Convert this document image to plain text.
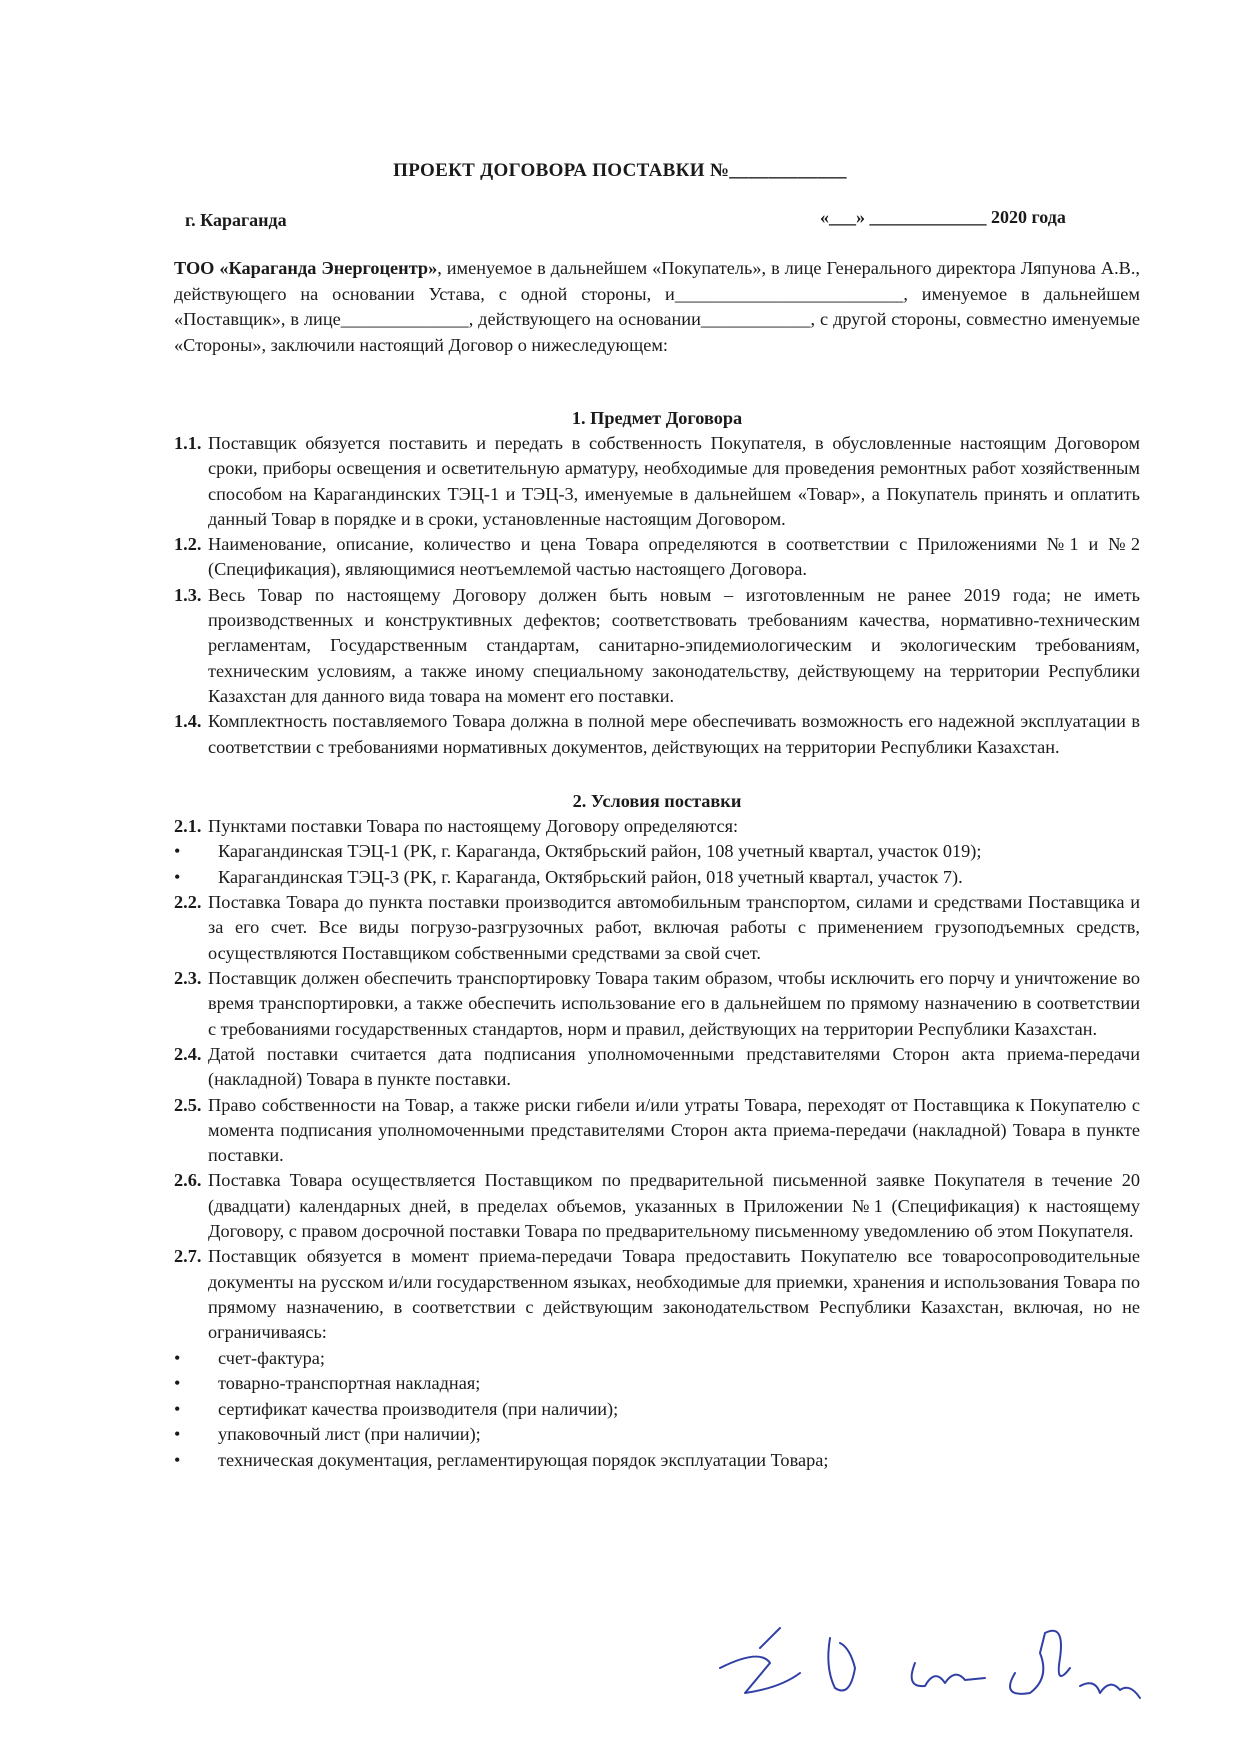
ПРОЕКТ ДОГОВОРА ПОСТАВКИ №____________
г. Караганда	«___» _____________ 2020 года
ТОО «Караганда Энергоцентр», именуемое в дальнейшем «Покупатель», в лице Генерального директора Ляпунова А.В., действующего на основании Устава, с одной стороны, и_________________________, именуемое в дальнейшем «Поставщик», в лице______________, действующего на основании____________, с другой стороны, совместно именуемые «Стороны», заключили настоящий Договор о нижеследующем:
1. Предмет Договора
1.1. Поставщик обязуется поставить и передать в собственность Покупателя, в обусловленные настоящим Договором сроки, приборы освещения и осветительную арматуру, необходимые для проведения ремонтных работ хозяйственным способом на Карагандинских ТЭЦ-1 и ТЭЦ-3, именуемые в дальнейшем «Товар», а Покупатель принять и оплатить данный Товар в порядке и в сроки, установленные настоящим Договором.
1.2. Наименование, описание, количество и цена Товара определяются в соответствии с Приложениями №1 и №2 (Спецификация), являющимися неотъемлемой частью настоящего Договора.
1.3. Весь Товар по настоящему Договору должен быть новым – изготовленным не ранее 2019 года; не иметь производственных и конструктивных дефектов; соответствовать требованиям качества, нормативно-техническим регламентам, Государственным стандартам, санитарно-эпидемиологическим и экологическим требованиям, техническим условиям, а также иному специальному законодательству, действующему на территории Республики Казахстан для данного вида товара на момент его поставки.
1.4. Комплектность поставляемого Товара должна в полной мере обеспечивать возможность его надежной эксплуатации в соответствии с требованиями нормативных документов, действующих на территории Республики Казахстан.
2. Условия поставки
2.1. Пунктами поставки Товара по настоящему Договору определяются:
•	Карагандинская ТЭЦ-1 (РК, г. Караганда, Октябрьский район, 108 учетный квартал, участок 019);
•	Карагандинская ТЭЦ-3 (РК, г. Караганда, Октябрьский район, 018 учетный квартал, участок 7).
2.2. Поставка Товара до пункта поставки производится автомобильным транспортом, силами и средствами Поставщика и за его счет. Все виды погрузо-разгрузочных работ, включая работы с применением грузоподъемных средств, осуществляются Поставщиком собственными средствами за свой счет.
2.3. Поставщик должен обеспечить транспортировку Товара таким образом, чтобы исключить его порчу и уничтожение во время транспортировки, а также обеспечить использование его в дальнейшем по прямому назначению в соответствии с требованиями государственных стандартов, норм и правил, действующих на территории Республики Казахстан.
2.4. Датой поставки считается дата подписания уполномоченными представителями Сторон акта приема-передачи (накладной) Товара в пункте поставки.
2.5. Право собственности на Товар, а также риски гибели и/или утраты Товара, переходят от Поставщика к Покупателю с момента подписания уполномоченными представителями Сторон акта приема-передачи (накладной) Товара в пункте поставки.
2.6. Поставка Товара осуществляется Поставщиком по предварительной письменной заявке Покупателя в течение 20 (двадцати) календарных дней, в пределах объемов, указанных в Приложении №1 (Спецификация) к настоящему Договору, с правом досрочной поставки Товара по предварительному письменному уведомлению об этом Покупателя.
2.7. Поставщик обязуется в момент приема-передачи Товара предоставить Покупателю все товаросопроводительные документы на русском и/или государственном языках, необходимые для приемки, хранения и использования Товара по прямому назначению, в соответствии с действующим законодательством Республики Казахстан, включая, но не ограничиваясь:
•	счет-фактура;
•	товарно-транспортная накладная;
•	сертификат качества производителя (при наличии);
•	упаковочный лист (при наличии);
•	техническая документация, регламентирующая порядок эксплуатации Товара;
